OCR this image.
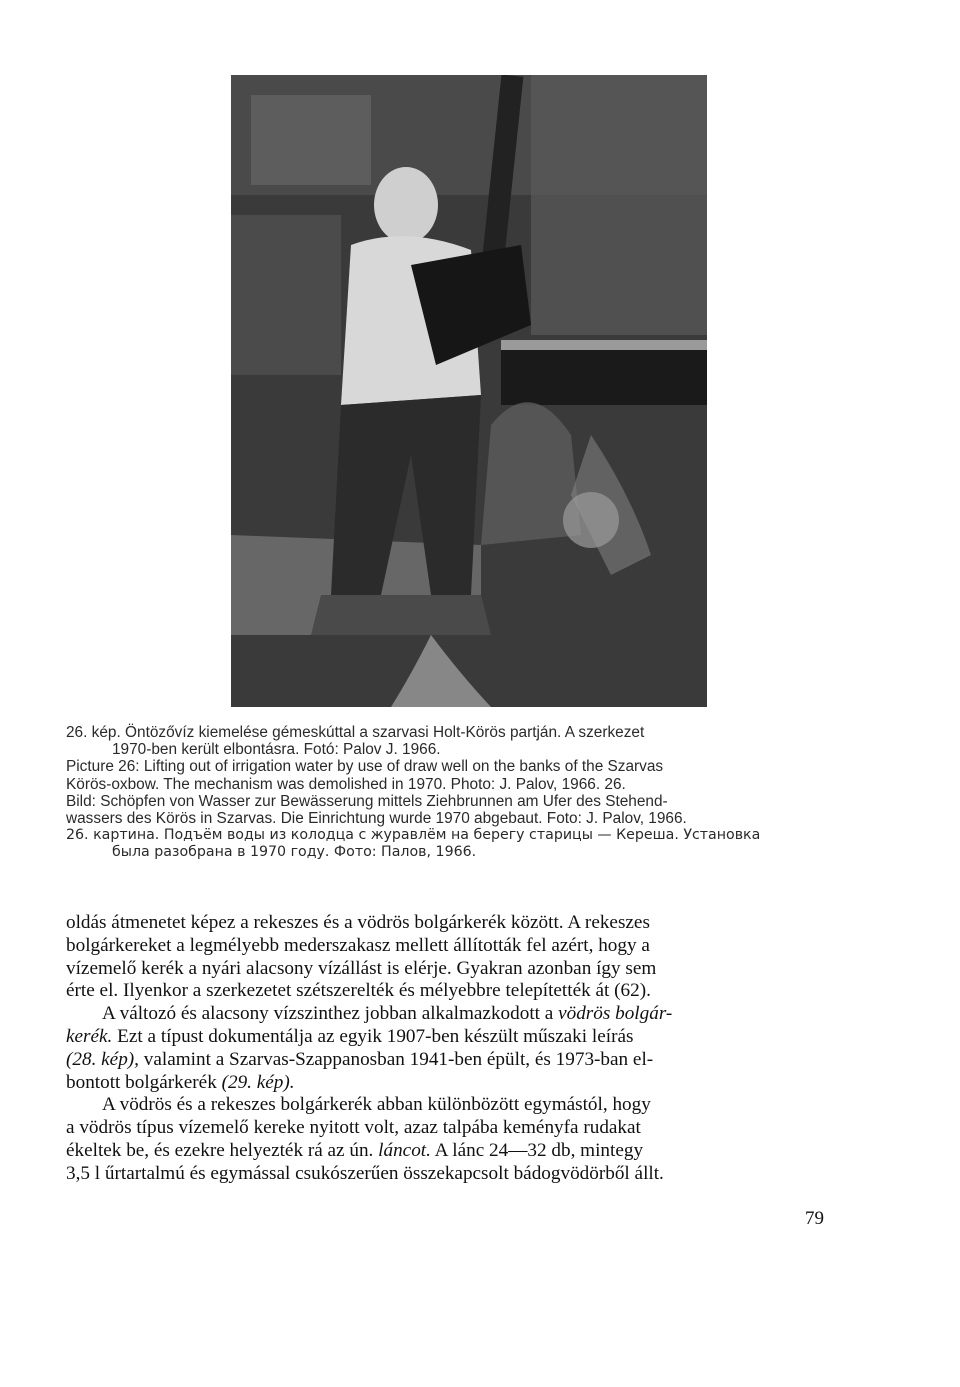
26. kép. Öntözővíz kiemelése gémeskúttal a szarvasi Holt-Körös partján. A szerkezet

1970-ben került elbontásra. Fotó: Palov J. 1966.

Picture 26: Lifting out of irrigation water by use of draw well on the banks of the Szarvas

Körös-oxbow. The mechanism was demolished in 1970. Photo: J. Palov, 1966. 26.

Bild: Schöpfen von Wasser zur Bewässerung mittels Ziehbrunnen am Ufer des Stehend-

wassers des Körös in Szarvas. Die Einrichtung wurde 1970 abgebaut. Foto: J. Palov, 1966.

26. картина. Подъём воды из колодца с журавлём на берегу старицы — Кереша. Установка

была разобрана в 1970 году. Фото: Палов, 1966.

oldás átmenetet képez a rekeszes és a vödrös bolgárkerék között. A rekeszes

bolgárkereket a legmélyebb mederszakasz mellett állították fel azért, hogy a

vízemelő kerék a nyári alacsony vízállást is elérje. Gyakran azonban így sem

érte el. Ilyenkor a szerkezetet szétszerelték és mélyebbre telepítették át (62).

A változó és alacsony vízszinthez jobban alkalmazkodott a vödrös bolgár-

kerék. Ezt a típust dokumentálja az egyik 1907-ben készült műszaki leírás

(28. kép), valamint a Szarvas-Szappanosban 1941-ben épült, és 1973-ban el-

bontott bolgárkerék (29. kép).

A vödrös és a rekeszes bolgárkerék abban különbözött egymástól, hogy

a vödrös típus vízemelő kereke nyitott volt, azaz talpába keményfa rudakat

ékeltek be, és ezekre helyezték rá az ún. láncot. A lánc 24—32 db, mintegy

3,5 l űrtartalmú és egymással csukószerűen összekapcsolt bádogvödörből állt.

79
